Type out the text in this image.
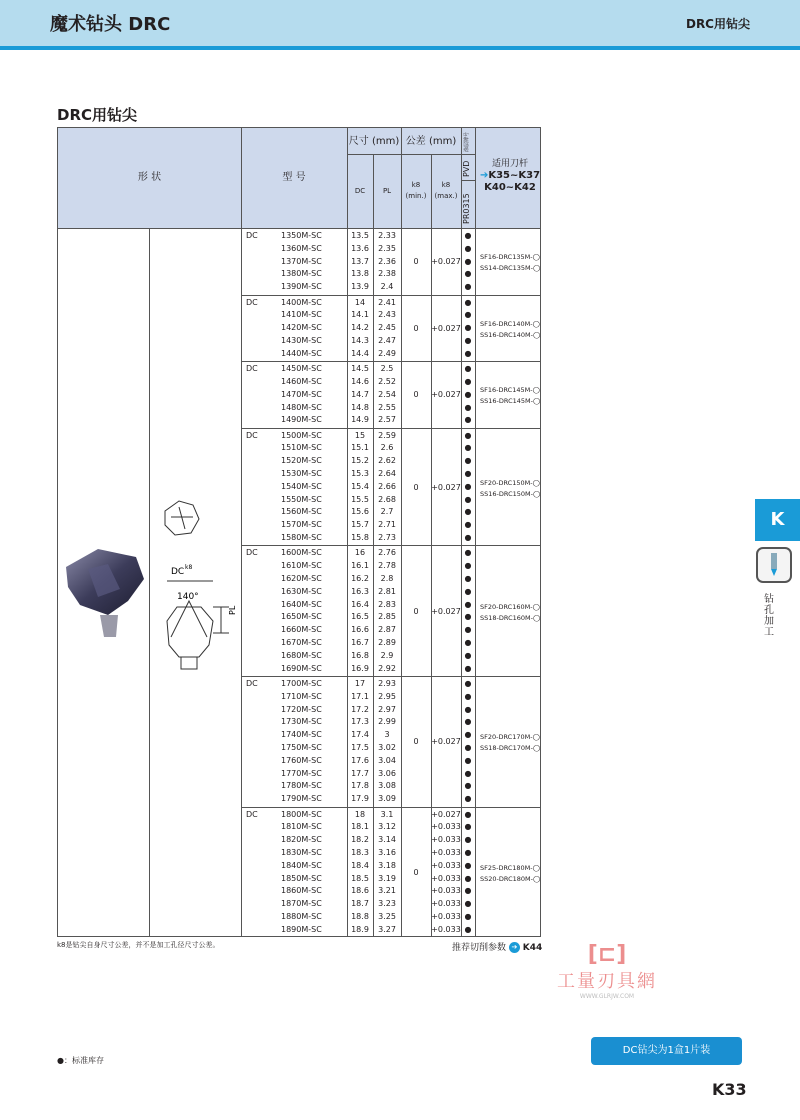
魔术钻头 DRC	DRC用钻尖
DRC用钻尖
形 状	型 号
尺寸 (mm) 公差 (mm)
DC	PL
k8
(min.)
k8
(max.)
涂层牌号
PVD
PR0315
适用刀杆
➔K35~K37
K40~K42
DC k8
140°
PL
DC	1350M-SC	13.5	2.33	●
1360M-SC	13.6	2.35	●
1370M-SC	13.7	2.36	●
1380M-SC	13.8	2.38	●
1390M-SC	13.9	2.4	●
0	+0.027	SF16-DRC135M-◯
SS14-DRC135M-◯
DC	1400M-SC	14	2.41	●
1410M-SC	14.1	2.43	●
1420M-SC	14.2	2.45	●
1430M-SC	14.3	2.47	●
1440M-SC	14.4	2.49	●
0	+0.027	SF16-DRC140M-◯
SS16-DRC140M-◯
DC	1450M-SC	14.5	2.5	●
1460M-SC	14.6	2.52	●
1470M-SC	14.7	2.54	●
1480M-SC	14.8	2.55	●
1490M-SC	14.9	2.57	●
0	+0.027	SF16-DRC145M-◯
SS16-DRC145M-◯
DC	1500M-SC	15	2.59	●
1510M-SC	15.1	2.6	●
1520M-SC	15.2	2.62	●
1530M-SC	15.3	2.64	●
1540M-SC	15.4	2.66	●
1550M-SC	15.5	2.68	●
1560M-SC	15.6	2.7	●
1570M-SC	15.7	2.71	●
1580M-SC	15.8	2.73	●
0	+0.027	SF20-DRC150M-◯
SS16-DRC150M-◯
DC	1600M-SC	16	2.76	●
1610M-SC	16.1	2.78	●
1620M-SC	16.2	2.8	●
1630M-SC	16.3	2.81	●
1640M-SC	16.4	2.83	●
1650M-SC	16.5	2.85	●
1660M-SC	16.6	2.87	●
1670M-SC	16.7	2.89	●
1680M-SC	16.8	2.9	●
1690M-SC	16.9	2.92	●
0	+0.027	SF20-DRC160M-◯
SS18-DRC160M-◯
DC	1700M-SC	17	2.93	●
1710M-SC	17.1	2.95	●
1720M-SC	17.2	2.97	●
1730M-SC	17.3	2.99	●
1740M-SC	17.4	3	●
1750M-SC	17.5	3.02	●
1760M-SC	17.6	3.04	●
1770M-SC	17.7	3.06	●
1780M-SC	17.8	3.08	●
1790M-SC	17.9	3.09	●
0	+0.027	SF20-DRC170M-◯
SS18-DRC170M-◯
DC	1800M-SC	18	3.1	+0.027 ●
1810M-SC	18.1	3.12	+0.033 ●
1820M-SC	18.2	3.14	+0.033 ●
1830M-SC	18.3	3.16	+0.033 ●
1840M-SC	18.4	3.18	+0.033 ●
1850M-SC	18.5	3.19	+0.033 ●
1860M-SC	18.6	3.21	+0.033 ●
1870M-SC	18.7	3.23	+0.033 ●
1880M-SC	18.8	3.25	+0.033 ●
1890M-SC	18.9	3.27	+0.033 ●
0	SF25-DRC180M-◯
SS20-DRC180M-◯
k8是钻尖自身尺寸公差，并不是加工孔径尺寸公差。	推荐切削参数 ➔ K44
K
钻孔加工
[⊏]
工量刃具網
WWW.GLRJW.COM
●：标准库存
DC钻尖为1盒1片装
K33
